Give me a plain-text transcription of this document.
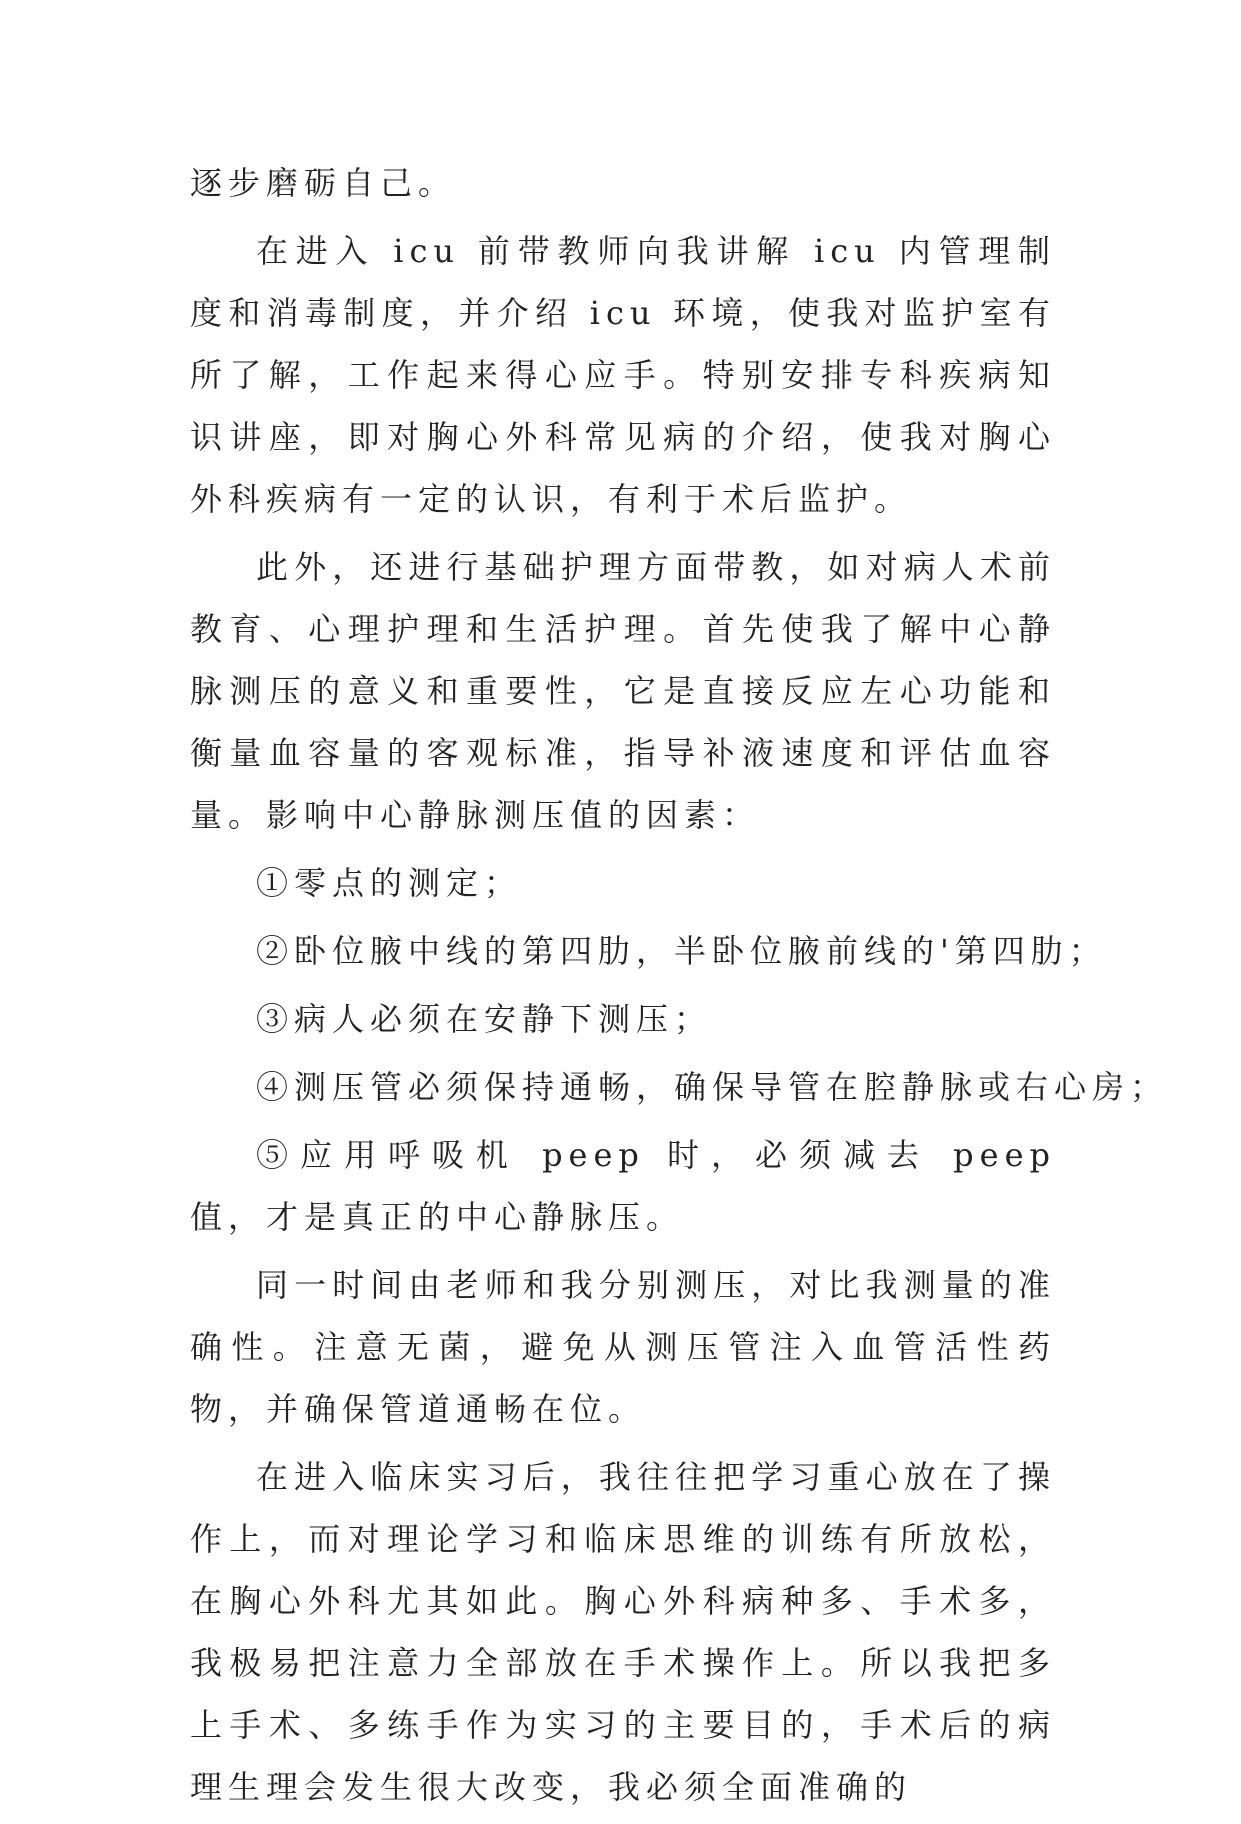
逐步磨砺自己。

在进入 icu 前带教师向我讲解 icu 内管理制度和消毒制度，并介绍 icu 环境，使我对监护室有所了解，工作起来得心应手。特别安排专科疾病知识讲座，即对胸心外科常见病的介绍，使我对胸心外科疾病有一定的认识，有利于术后监护。

此外，还进行基础护理方面带教，如对病人术前教育、心理护理和生活护理。首先使我了解中心静脉测压的意义和重要性，它是直接反应左心功能和衡量血容量的客观标准，指导补液速度和评估血容量。影响中心静脉测压值的因素：

①零点的测定；

②卧位腋中线的第四肋，半卧位腋前线的'第四肋；

③病人必须在安静下测压；

④测压管必须保持通畅，确保导管在腔静脉或右心房；

⑤应用呼吸机 peep 时，必须减去 peep 值，才是真正的中心静脉压。

同一时间由老师和我分别测压，对比我测量的准确性。注意无菌，避免从测压管注入血管活性药物，并确保管道通畅在位。

在进入临床实习后，我往往把学习重心放在了操作上，而对理论学习和临床思维的训练有所放松，在胸心外科尤其如此。胸心外科病种多、手术多，我极易把注意力全部放在手术操作上。所以我把多上手术、多练手作为实习的主要目的，手术后的病理生理会发生很大改变，我必须全面准确的
